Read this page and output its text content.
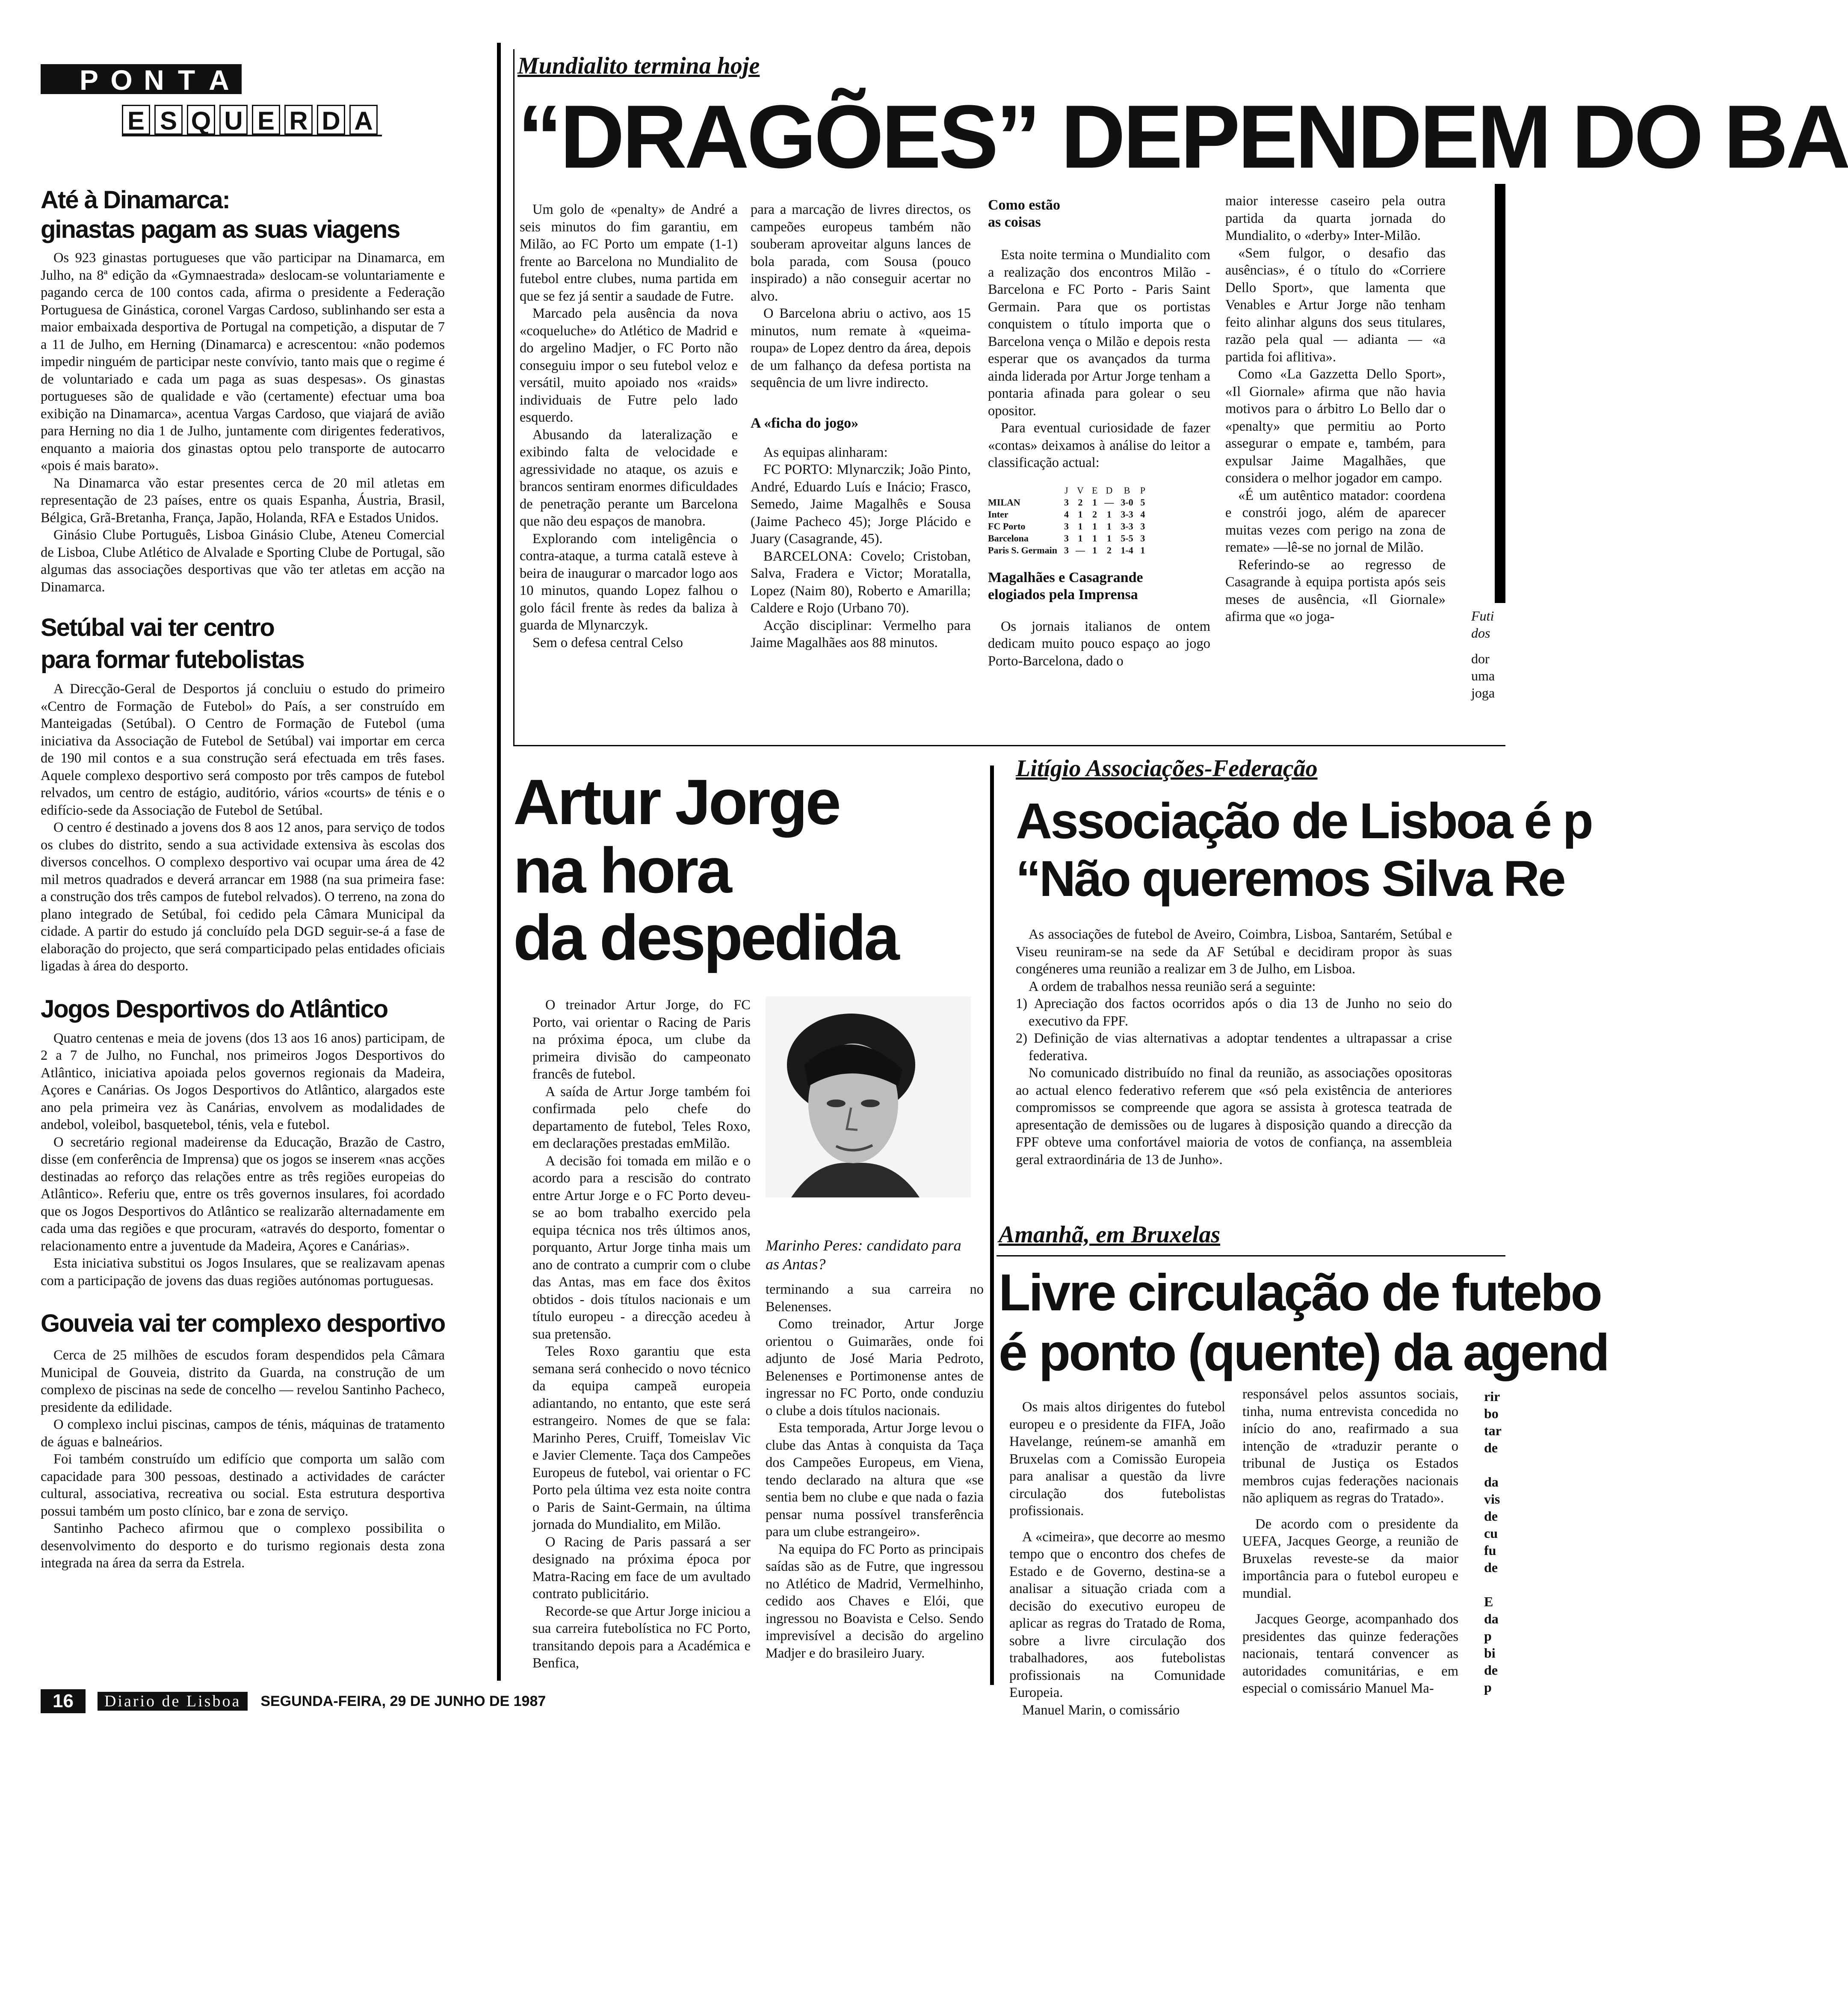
P O N T A
E S Q U E R D A
Até à Dinamarca:
ginastas pagam as suas viagens

Os 923 ginastas portugueses que vão participar na Dinamarca, em Julho, na 8ª edição da «Gymnaestrada» deslocam-se voluntariamente e pagando cerca de 100 contos cada, afirma o presidente a Federação Portuguesa de Ginástica, coronel Vargas Cardoso, sublinhando ser esta a maior embaixada desportiva de Portugal na competição, a disputar de 7 a 11 de Julho, em Herning (Dinamarca) e acrescentou: «não podemos impedir ninguém de participar neste convívio, tanto mais que o regime é de voluntariado e cada um paga as suas despesas». Os ginastas portugueses são de qualidade e vão (certamente) efectuar uma boa exibição na Dinamarca», acentua Vargas Cardoso, que viajará de avião para Herning no dia 1 de Julho, juntamente com dirigentes federativos, enquanto a maioria dos ginastas optou pelo transporte de autocarro «pois é mais barato».

Na Dinamarca vão estar presentes cerca de 20 mil atletas em representação de 23 países, entre os quais Espanha, Áustria, Brasil, Bélgica, Grã-Bretanha, França, Japão, Holanda, RFA e Estados Unidos.

Ginásio Clube Português, Lisboa Ginásio Clube, Ateneu Comercial de Lisboa, Clube Atlético de Alvalade e Sporting Clube de Portugal, são algumas das associações desportivas que vão ter atletas em acção na Dinamarca.

Setúbal vai ter centro
para formar futebolistas

A Direcção-Geral de Desportos já concluiu o estudo do primeiro «Centro de Formação de Futebol» do País, a ser construído em Manteigadas (Setúbal). O Centro de Formação de Futebol (uma iniciativa da Associação de Futebol de Setúbal) vai importar em cerca de 190 mil contos e a sua construção será efectuada em três fases. Aquele complexo desportivo será composto por três campos de futebol relvados, um centro de estágio, auditório, vários «courts» de ténis e o edifício-sede da Associação de Futebol de Setúbal.

O centro é destinado a jovens dos 8 aos 12 anos, para serviço de todos os clubes do distrito, sendo a sua actividade extensiva às escolas dos diversos concelhos. O complexo desportivo vai ocupar uma área de 42 mil metros quadrados e deverá arrancar em 1988 (na sua primeira fase: a construção dos três campos de futebol relvados). O terreno, na zona do plano integrado de Setúbal, foi cedido pela Câmara Municipal da cidade. A partir do estudo já concluído pela DGD seguir-se-á a fase de elaboração do projecto, que será comparticipado pelas entidades oficiais ligadas à área do desporto.

Jogos Desportivos do Atlântico

Quatro centenas e meia de jovens (dos 13 aos 16 anos) participam, de 2 a 7 de Julho, no Funchal, nos primeiros Jogos Desportivos do Atlântico, iniciativa apoiada pelos governos regionais da Madeira, Açores e Canárias. Os Jogos Desportivos do Atlântico, alargados este ano pela primeira vez às Canárias, envolvem as modalidades de andebol, voleibol, basquetebol, ténis, vela e futebol.

O secretário regional madeirense da Educação, Brazão de Castro, disse (em conferência de Imprensa) que os jogos se inserem «nas acções destinadas ao reforço das relações entre as três regiões europeias do Atlântico». Referiu que, entre os três governos insulares, foi acordado que os Jogos Desportivos do Atlântico se realizarão alternadamente em cada uma das regiões e que procuram, «através do desporto, fomentar o relacionamento entre a juventude da Madeira, Açores e Canárias».

Esta iniciativa substitui os Jogos Insulares, que se realizavam apenas com a participação de jovens das duas regiões autónomas portuguesas.

Gouveia vai ter complexo desportivo

Cerca de 25 milhões de escudos foram despendidos pela Câmara Municipal de Gouveia, distrito da Guarda, na construção de um complexo de piscinas na sede de concelho — revelou Santinho Pacheco, presidente da edilidade.

O complexo inclui piscinas, campos de ténis, máquinas de tratamento de águas e balneários.

Foi também construído um edifício que comporta um salão com capacidade para 300 pessoas, destinado a actividades de carácter cultural, associativa, recreativa ou social. Esta estrutura desportiva possui também um posto clínico, bar e zona de serviço.

Santinho Pacheco afirmou que o complexo possibilita o desenvolvimento do desporto e do turismo regionais desta zona integrada na área da serra da Estrela.

Mundialito termina hoje
“DRAGÕES” DEPENDEM DO BA

Um golo de «penalty» de André a seis minutos do fim garantiu, em Milão, ao FC Porto um empate (1-1) frente ao Barcelona no Mundialito de futebol entre clubes, numa partida em que se fez já sentir a saudade de Futre.

Marcado pela ausência da nova «coqueluche» do Atlético de Madrid e do argelino Madjer, o FC Porto não conseguiu impor o seu futebol veloz e versátil, muito apoiado nos «raids» individuais de Futre pelo lado esquerdo.

Abusando da lateralização e exibindo falta de velocidade e agressividade no ataque, os azuis e brancos sentiram enormes dificuldades de penetração perante um Barcelona que não deu espaços de manobra.

Explorando com inteligência o contra-ataque, a turma catalã esteve à beira de inaugurar o marcador logo aos 10 minutos, quando Lopez falhou o golo fácil frente às redes da baliza à guarda de Mlynarczyk.

Sem o defesa central Celso

para a marcação de livres directos, os campeões europeus também não souberam aproveitar alguns lances de bola parada, com Sousa (pouco inspirado) a não conseguir acertar no alvo.

O Barcelona abriu o activo, aos 15 minutos, num remate à «queima-roupa» de Lopez dentro da área, depois de um falhanço da defesa portista na sequência de um livre indirecto.

A «ficha do jogo»

As equipas alinharam:

FC PORTO: Mlynarczik; João Pinto, André, Eduardo Luís e Inácio; Frasco, Semedo, Jaime Magalhês e Sousa (Jaime Pacheco 45); Jorge Plácido e Juary (Casagrande, 45).

BARCELONA: Covelo; Cristoban, Salva, Fradera e Victor; Moratalla, Lopez (Naim 80), Roberto e Amarilla; Caldere e Rojo (Urbano 70).

Acção disciplinar: Vermelho para Jaime Magalhães aos 88 minutos.

Como estão
as coisas

Esta noite termina o Mundialito com a realização dos encontros Milão - Barcelona e FC Porto - Paris Saint Germain. Para que os portistas conquistem o título importa que o Barcelona vença o Milão e depois resta esperar que os avançados da turma ainda liderada por Artur Jorge tenham a pontaria afinada para golear o seu opositor.

Para eventual curiosidade de fazer «contas» deixamos à análise do leitor a classificação actual:

	J	V	E	D	B	P
MILAN	3	2	1	—	3-0	5
Inter	4	1	2	1	3-3	4
FC Porto	3	1	1	1	3-3	3
Barcelona	3	1	1	1	5-5	3
Paris S. Germain	3	—	1	2	1-4	1
Magalhães e Casagrande
elogiados pela Imprensa

Os jornais italianos de ontem dedicam muito pouco espaço ao jogo Porto-Barcelona, dado o

maior interesse caseiro pela outra partida da quarta jornada do Mundialito, o «derby» Inter-Milão.

«Sem fulgor, o desafio das ausências», é o título do «Corriere Dello Sport», que lamenta que Venables e Artur Jorge não tenham feito alinhar alguns dos seus titulares, razão pela qual — adianta — «a partida foi aflitiva».

Como «La Gazzetta Dello Sport», «Il Giornale» afirma que não havia motivos para o árbitro Lo Bello dar o «penalty» que permitiu ao Porto assegurar o empate e, também, para expulsar Jaime Magalhães, que considera o melhor jogador em campo.

«É um autêntico matador: coordena e constrói jogo, além de aparecer muitas vezes com perigo na zona de remate» —lê-se no jornal de Milão.

Referindo-se ao regresso de Casagrande à equipa portista após seis meses de ausência, «Il Giornale» afirma que «o joga-	Futi
dos
dor
uma
joga
Artur Jorge
na hora
da despedida

O treinador Artur Jorge, do FC Porto, vai orientar o Racing de Paris na próxima época, um clube da primeira divisão do campeonato francês de futebol.

A saída de Artur Jorge também foi confirmada pelo chefe do departamento de futebol, Teles Roxo, em declarações prestadas emMilão.

A decisão foi tomada em milão e o acordo para a rescisão do contrato entre Artur Jorge e o FC Porto deveu-se ao bom trabalho exercido pela equipa técnica nos três últimos anos, porquanto, Artur Jorge tinha mais um ano de contrato a cumprir com o clube das Antas, mas em face dos êxitos obtidos - dois títulos nacionais e um título europeu - a direcção acedeu à sua pretensão.

Teles Roxo garantiu que esta semana será conhecido o novo técnico da equipa campeã europeia adiantando, no entanto, que este será estrangeiro. Nomes de que se fala: Marinho Peres, Cruiff, Tomeislav Vic e Javier Clemente. Taça dos Campeões Europeus de futebol, vai orientar o FC Porto pela última vez esta noite contra o Paris de Saint-Germain, na última jornada do Mundialito, em Milão.

O Racing de Paris passará a ser designado na próxima época por Matra-Racing em face de um avultado contrato publicitário.

Recorde-se que Artur Jorge iniciou a sua carreira futebolística no FC Porto, transitando depois para a Académica e Benfica,

Marinho Peres: candidato para as Antas?

terminando a sua carreira no Belenenses.

Como treinador, Artur Jorge orientou o Guimarães, onde foi adjunto de José Maria Pedroto, Belenenses e Portimonense antes de ingressar no FC Porto, onde conduziu o clube a dois títulos nacionais.

Esta temporada, Artur Jorge levou o clube das Antas à conquista da Taça dos Campeões Europeus, em Viena, tendo declarado na altura que «se sentia bem no clube e que nada o fazia pensar numa possível transferência para um clube estrangeiro».

Na equipa do FC Porto as principais saídas são as de Futre, que ingressou no Atlético de Madrid, Vermelhinho, cedido aos Chaves e Elói, que ingressou no Boavista e Celso. Sendo imprevisível a decisão do argelino Madjer e do brasileiro Juary.

Litígio Associações-Federação
Associação de Lisboa é p
“Não queremos Silva Re

As associações de futebol de Aveiro, Coimbra, Lisboa, Santarém, Setúbal e Viseu reuniram-se na sede da AF Setúbal e decidiram propor às suas congéneres uma reunião a realizar em 3 de Julho, em Lisboa.

A ordem de trabalhos nessa reunião será a seguinte:

1) Apreciação dos factos ocorridos após o dia 13 de Junho no seio do executivo da FPF.

2) Definição de vias alternativas a adoptar tendentes a ultrapassar a crise federativa.

No comunicado distribuído no final da reunião, as associações opositoras ao actual elenco federativo referem que «só pela existência de anteriores compromissos se compreende que agora se assista à grotesca teatrada de apresentação de demissões ou de lugares à disposição quando a direcção da FPF obteve uma confortável maioria de votos de confiança, na assembleia geral extraordinária de 13 de Junho».

Amanhã, em Bruxelas
Livre circulação de futebo
é ponto (quente) da agend

Os mais altos dirigentes do futebol europeu e o presidente da FIFA, João Havelange, reúnem-se amanhã em Bruxelas com a Comissão Europeia para analisar a questão da livre circulação dos futebolistas profissionais.

A «cimeira», que decorre ao mesmo tempo que o encontro dos chefes de Estado e de Governo, destina-se a analisar a situação criada com a decisão do executivo europeu de aplicar as regras do Tratado de Roma, sobre a livre circulação dos trabalhadores, aos futebolistas profissionais na Comunidade Europeia.

Manuel Marin, o comissário

responsável pelos assuntos sociais, tinha, numa entrevista concedida no início do ano, reafirmado a sua intenção de «traduzir perante o tribunal de Justiça os Estados membros cujas federações nacionais não apliquem as regras do Tratado».

De acordo com o presidente da UEFA, Jacques George, a reunião de Bruxelas reveste-se da maior importância para o futebol europeu e mundial.

Jacques George, acompanhado dos presidentes das quinze federações nacionais, tentará convencer as autoridades comunitárias, e em especial o comissário Manuel Ma-

rir
bo
tar
de
da
vis
de
cu
fu
de
E
da
p
bi
de
p
16 Diario de Lisboa SEGUNDA-FEIRA, 29 DE JUNHO DE 1987
